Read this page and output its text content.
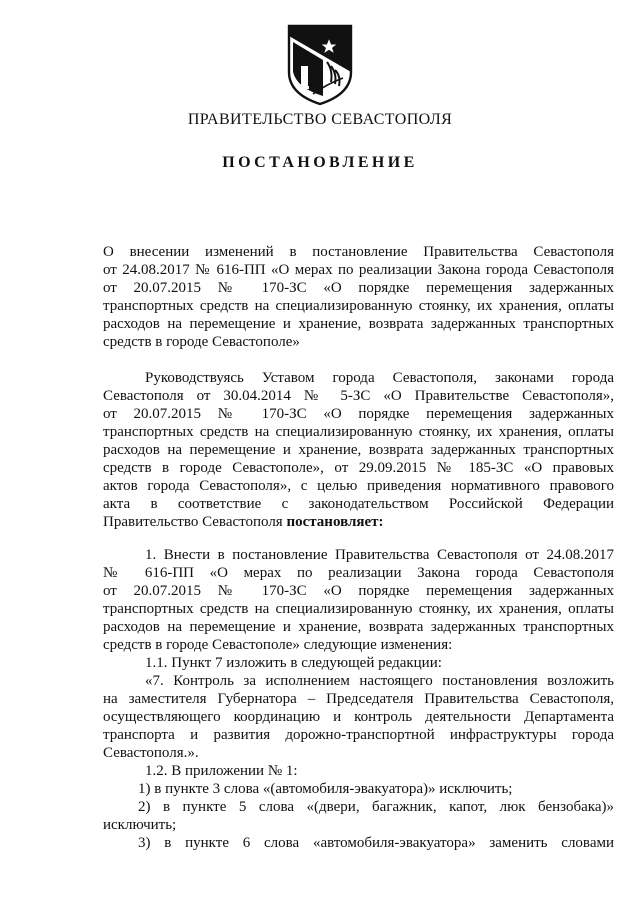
ПРАВИТЕЛЬСТВО СЕВАСТОПОЛЯ
ПОСТАНОВЛЕНИЕ
О внесении изменений в постановление Правительства Севастополя
от 24.08.2017 № 616-ПП «О мерах по реализации Закона города Севастополя
от 20.07.2015 № 170-ЗС «О порядке перемещения задержанных
транспортных средств на специализированную стоянку, их хранения, оплаты
расходов на перемещение и хранение, возврата задержанных транспортных
средств в городе Севастополе»
Руководствуясь Уставом города Севастополя, законами города
Севастополя от 30.04.2014 № 5-ЗС «О Правительстве Севастополя»,
от 20.07.2015 № 170-ЗС «О порядке перемещения задержанных
транспортных средств на специализированную стоянку, их хранения, оплаты
расходов на перемещение и хранение, возврата задержанных транспортных
средств в городе Севастополе», от 29.09.2015 № 185-ЗС «О правовых
актов города Севастополя», с целью приведения нормативного правового
акта в соответствие с законодательством Российской Федерации
Правительство Севастополя постановляет:
1. Внести в постановление Правительства Севастополя от 24.08.2017
№ 616-ПП «О мерах по реализации Закона города Севастополя
от 20.07.2015 № 170-ЗС «О порядке перемещения задержанных
транспортных средств на специализированную стоянку, их хранения, оплаты
расходов на перемещение и хранение, возврата задержанных транспортных
средств в городе Севастополе» следующие изменения:
1.1. Пункт 7 изложить в следующей редакции:
«7. Контроль за исполнением настоящего постановления возложить
на заместителя Губернатора – Председателя Правительства Севастополя,
осуществляющего координацию и контроль деятельности Департамента
транспорта и развития дорожно-транспортной инфраструктуры города
Севастополя.».
1.2. В приложении № 1:
1) в пункте 3 слова «(автомобиля-эвакуатора)» исключить;
2) в пункте 5 слова «(двери, багажник, капот, люк бензобака)»
исключить;
3) в пункте 6 слова «автомобиля-эвакуатора» заменить словами
